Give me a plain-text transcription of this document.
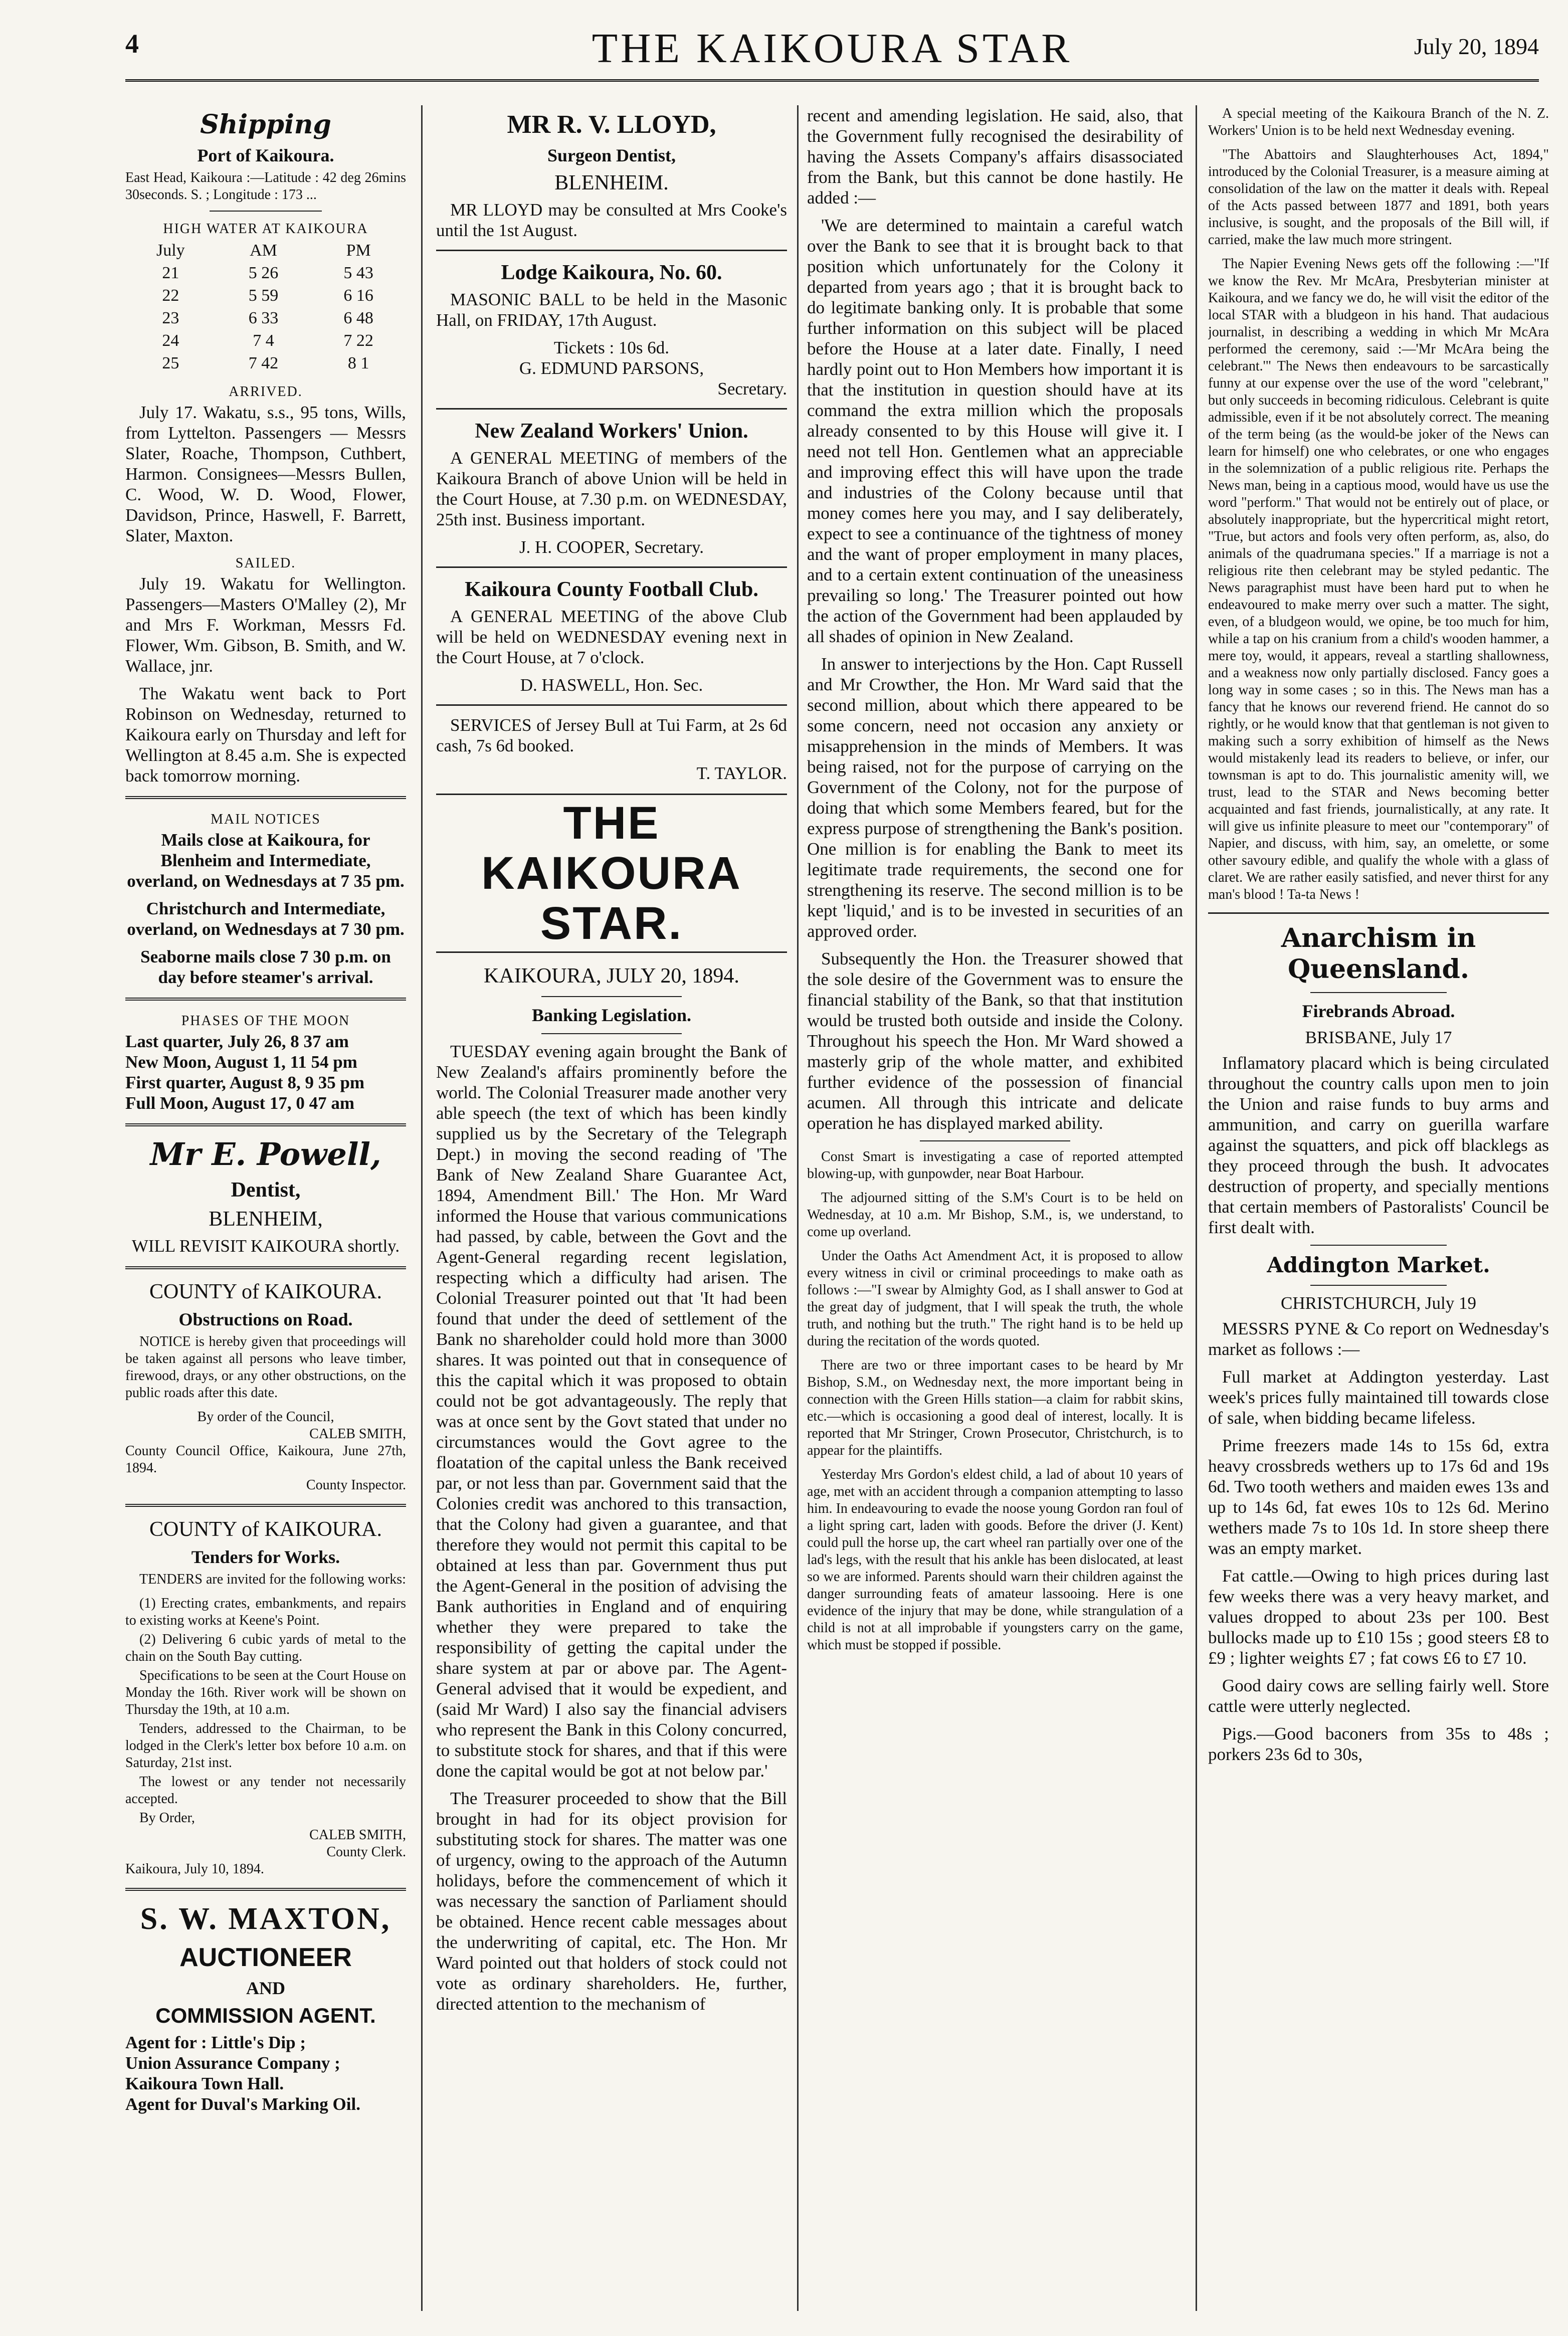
4	THE KAIKOURA STAR	July 20, 1894
Shipping
Port of Kaikoura.

East Head, Kaikoura :—Latitude : 42 deg 26mins 30seconds. S. ; Longitude : 173 ...

HIGH WATER AT KAIKOURA
July	AM	PM
21	5 26	5 43
22	5 59	6 16
23	6 33	6 48
24	7 4	7 22
25	7 42	8 1
ARRIVED.

July 17. Wakatu, s.s., 95 tons, Wills, from Lyttelton. Passengers — Messrs Slater, Roache, Thompson, Cuthbert, Harmon. Consignees—Messrs Bullen, C. Wood, W. D. Wood, Flower, Davidson, Prince, Haswell, F. Barrett, Slater, Maxton.

SAILED.

July 19. Wakatu for Wellington. Passengers—Masters O'Malley (2), Mr and Mrs F. Workman, Messrs Fd. Flower, Wm. Gibson, B. Smith, and W. Wallace, jnr.

The Wakatu went back to Port Robinson on Wednesday, returned to Kaikoura early on Thursday and left for Wellington at 8.45 a.m. She is expected back tomorrow morning.

MAIL NOTICES

Mails close at Kaikoura, for Blenheim and Intermediate, overland, on Wednesdays at 7 35 pm.

Christchurch and Intermediate, overland, on Wednesdays at 7 30 pm.

Seaborne mails close 7 30 p.m. on day before steamer's arrival.

PHASES OF THE MOON

Last quarter, July 26, 8 37 am

New Moon, August 1, 11 54 pm

First quarter, August 8, 9 35 pm

Full Moon, August 17, 0 47 am

Mr E. Powell,
Dentist,
BLENHEIM,

WILL REVISIT KAIKOURA shortly.

COUNTY of KAIKOURA.
Obstructions on Road.

NOTICE is hereby given that proceedings will be taken against all persons who leave timber, firewood, drays, or any other obstructions, on the public roads after this date.

By order of the Council,

CALEB SMITH,

County Council Office, Kaikoura, June 27th, 1894.

County Inspector.

COUNTY of KAIKOURA.
Tenders for Works.

TENDERS are invited for the following works:

(1) Erecting crates, embankments, and repairs to existing works at Keene's Point.

(2) Delivering 6 cubic yards of metal to the chain on the South Bay cutting.

Specifications to be seen at the Court House on Monday the 16th. River work will be shown on Thursday the 19th, at 10 a.m.

Tenders, addressed to the Chairman, to be lodged in the Clerk's letter box before 10 a.m. on Saturday, 21st inst.

The lowest or any tender not necessarily accepted.

By Order,

CALEB SMITH,

County Clerk.

Kaikoura, July 10, 1894.

S. W. MAXTON,
AUCTIONEER
AND
COMMISSION AGENT.

Agent for : Little's Dip ;

Union Assurance Company ;

Kaikoura Town Hall.

Agent for Duval's Marking Oil.

MR R. V. LLOYD,
Surgeon Dentist,
BLENHEIM.

MR LLOYD may be consulted at Mrs Cooke's until the 1st August.

Lodge Kaikoura, No. 60.

MASONIC BALL to be held in the Masonic Hall, on FRIDAY, 17th August.

Tickets : 10s 6d.

G. EDMUND PARSONS,

Secretary.

New Zealand Workers' Union.

A GENERAL MEETING of members of the Kaikoura Branch of above Union will be held in the Court House, at 7.30 p.m. on WEDNESDAY, 25th inst. Business important.

J. H. COOPER, Secretary.

Kaikoura County Football Club.

A GENERAL MEETING of the above Club will be held on WEDNESDAY evening next in the Court House, at 7 o'clock.

D. HASWELL, Hon. Sec.

SERVICES of Jersey Bull at Tui Farm, at 2s 6d cash, 7s 6d booked.

T. TAYLOR.

THE KAIKOURA STAR.
KAIKOURA, JULY 20, 1894.
Banking Legislation.

TUESDAY evening again brought the Bank of New Zealand's affairs prominently before the world. The Colonial Treasurer made another very able speech (the text of which has been kindly supplied us by the Secretary of the Telegraph Dept.) in moving the second reading of 'The Bank of New Zealand Share Guarantee Act, 1894, Amendment Bill.' The Hon. Mr Ward informed the House that various communications had passed, by cable, between the Govt and the Agent-General regarding recent legislation, respecting which a difficulty had arisen. The Colonial Treasurer pointed out that 'It had been found that under the deed of settlement of the Bank no shareholder could hold more than 3000 shares. It was pointed out that in consequence of this the capital which it was proposed to obtain could not be got advantageously. The reply that was at once sent by the Govt stated that under no circumstances would the Govt agree to the floatation of the capital unless the Bank received par, or not less than par. Government said that the Colonies credit was anchored to this transaction, that the Colony had given a guarantee, and that therefore they would not permit this capital to be obtained at less than par. Government thus put the Agent-General in the position of advising the Bank authorities in England and of enquiring whether they were prepared to take the responsibility of getting the capital under the share system at par or above par. The Agent-General advised that it would be expedient, and (said Mr Ward) I also say the financial advisers who represent the Bank in this Colony concurred, to substitute stock for shares, and that if this were done the capital would be got at not below par.'

The Treasurer proceeded to show that the Bill brought in had for its object provision for substituting stock for shares. The matter was one of urgency, owing to the approach of the Autumn holidays, before the commencement of which it was necessary the sanction of Parliament should be obtained. Hence recent cable messages about the underwriting of capital, etc. The Hon. Mr Ward pointed out that holders of stock could not vote as ordinary shareholders. He, further, directed attention to the mechanism of

recent and amending legislation. He said, also, that the Government fully recognised the desirability of having the Assets Company's affairs disassociated from the Bank, but this cannot be done hastily. He added :—

'We are determined to maintain a careful watch over the Bank to see that it is brought back to that position which unfortunately for the Colony it departed from years ago ; that it is brought back to do legitimate banking only. It is probable that some further information on this subject will be placed before the House at a later date. Finally, I need hardly point out to Hon Members how important it is that the institution in question should have at its command the extra million which the proposals already consented to by this House will give it. I need not tell Hon. Gentlemen what an appreciable and improving effect this will have upon the trade and industries of the Colony because until that money comes here you may, and I say deliberately, expect to see a continuance of the tightness of money and the want of proper employment in many places, and to a certain extent continuation of the uneasiness prevailing so long.' The Treasurer pointed out how the action of the Government had been applauded by all shades of opinion in New Zealand.

In answer to interjections by the Hon. Capt Russell and Mr Crowther, the Hon. Mr Ward said that the second million, about which there appeared to be some concern, need not occasion any anxiety or misapprehension in the minds of Members. It was being raised, not for the purpose of carrying on the Government of the Colony, not for the purpose of doing that which some Members feared, but for the express purpose of strengthening the Bank's position. One million is for enabling the Bank to meet its legitimate trade requirements, the second one for strengthening its reserve. The second million is to be kept 'liquid,' and is to be invested in securities of an approved order.

Subsequently the Hon. the Treasurer showed that the sole desire of the Government was to ensure the financial stability of the Bank, so that that institution would be trusted both outside and inside the Colony. Throughout his speech the Hon. Mr Ward showed a masterly grip of the whole matter, and exhibited further evidence of the possession of financial acumen. All through this intricate and delicate operation he has displayed marked ability.

Const Smart is investigating a case of reported attempted blowing-up, with gunpowder, near Boat Harbour.

The adjourned sitting of the S.M's Court is to be held on Wednesday, at 10 a.m. Mr Bishop, S.M., is, we understand, to come up overland.

Under the Oaths Act Amendment Act, it is proposed to allow every witness in civil or criminal proceedings to make oath as follows :—"I swear by Almighty God, as I shall answer to God at the great day of judgment, that I will speak the truth, the whole truth, and nothing but the truth." The right hand is to be held up during the recitation of the words quoted.

There are two or three important cases to be heard by Mr Bishop, S.M., on Wednesday next, the more important being in connection with the Green Hills station—a claim for rabbit skins, etc.—which is occasioning a good deal of interest, locally. It is reported that Mr Stringer, Crown Prosecutor, Christchurch, is to appear for the plaintiffs.

Yesterday Mrs Gordon's eldest child, a lad of about 10 years of age, met with an accident through a companion attempting to lasso him. In endeavouring to evade the noose young Gordon ran foul of a light spring cart, laden with goods. Before the driver (J. Kent) could pull the horse up, the cart wheel ran partially over one of the lad's legs, with the result that his ankle has been dislocated, at least so we are informed. Parents should warn their children against the danger surrounding feats of amateur lassooing. Here is one evidence of the injury that may be done, while strangulation of a child is not at all improbable if youngsters carry on the game, which must be stopped if possible.

A special meeting of the Kaikoura Branch of the N. Z. Workers' Union is to be held next Wednesday evening.

"The Abattoirs and Slaughterhouses Act, 1894," introduced by the Colonial Treasurer, is a measure aiming at consolidation of the law on the matter it deals with. Repeal of the Acts passed between 1877 and 1891, both years inclusive, is sought, and the proposals of the Bill will, if carried, make the law much more stringent.

The Napier Evening News gets off the following :—"If we know the Rev. Mr McAra, Presbyterian minister at Kaikoura, and we fancy we do, he will visit the editor of the local STAR with a bludgeon in his hand. That audacious journalist, in describing a wedding in which Mr McAra performed the ceremony, said :—'Mr McAra being the celebrant.'" The News then endeavours to be sarcastically funny at our expense over the use of the word "celebrant," but only succeeds in becoming ridiculous. Celebrant is quite admissible, even if it be not absolutely correct. The meaning of the term being (as the would-be joker of the News can learn for himself) one who celebrates, or one who engages in the solemnization of a public religious rite. Perhaps the News man, being in a captious mood, would have us use the word "perform." That would not be entirely out of place, or absolutely inappropriate, but the hypercritical might retort, "True, but actors and fools very often perform, as, also, do animals of the quadrumana species." If a marriage is not a religious rite then celebrant may be styled pedantic. The News paragraphist must have been hard put to when he endeavoured to make merry over such a matter. The sight, even, of a bludgeon would, we opine, be too much for him, while a tap on his cranium from a child's wooden hammer, a mere toy, would, it appears, reveal a startling shallowness, and a weakness now only partially disclosed. Fancy goes a long way in some cases ; so in this. The News man has a fancy that he knows our reverend friend. He cannot do so rightly, or he would know that that gentleman is not given to making such a sorry exhibition of himself as the News would mistakenly lead its readers to believe, or infer, our townsman is apt to do. This journalistic amenity will, we trust, lead to the STAR and News becoming better acquainted and fast friends, journalistically, at any rate. It will give us infinite pleasure to meet our "contemporary" of Napier, and discuss, with him, say, an omelette, or some other savoury edible, and qualify the whole with a glass of claret. We are rather easily satisfied, and never thirst for any man's blood ! Ta-ta News !

Anarchism in Queensland.
Firebrands Abroad.
BRISBANE, July 17

Inflamatory placard which is being circulated throughout the country calls upon men to join the Union and raise funds to buy arms and ammunition, and carry on guerilla warfare against the squatters, and pick off blacklegs as they proceed through the bush. It advocates destruction of property, and specially mentions that certain members of Pastoralists' Council be first dealt with.

Addington Market.
CHRISTCHURCH, July 19

MESSRS PYNE & Co report on Wednesday's market as follows :—

Full market at Addington yesterday. Last week's prices fully maintained till towards close of sale, when bidding became lifeless.

Prime freezers made 14s to 15s 6d, extra heavy crossbreds wethers up to 17s 6d and 19s 6d. Two tooth wethers and maiden ewes 13s and up to 14s 6d, fat ewes 10s to 12s 6d. Merino wethers made 7s to 10s 1d. In store sheep there was an empty market.

Fat cattle.—Owing to high prices during last few weeks there was a very heavy market, and values dropped to about 23s per 100. Best bullocks made up to £10 15s ; good steers £8 to £9 ; lighter weights £7 ; fat cows £6 to £7 10.

Good dairy cows are selling fairly well. Store cattle were utterly neglected.

Pigs.—Good baconers from 35s to 48s ; porkers 23s 6d to 30s,
